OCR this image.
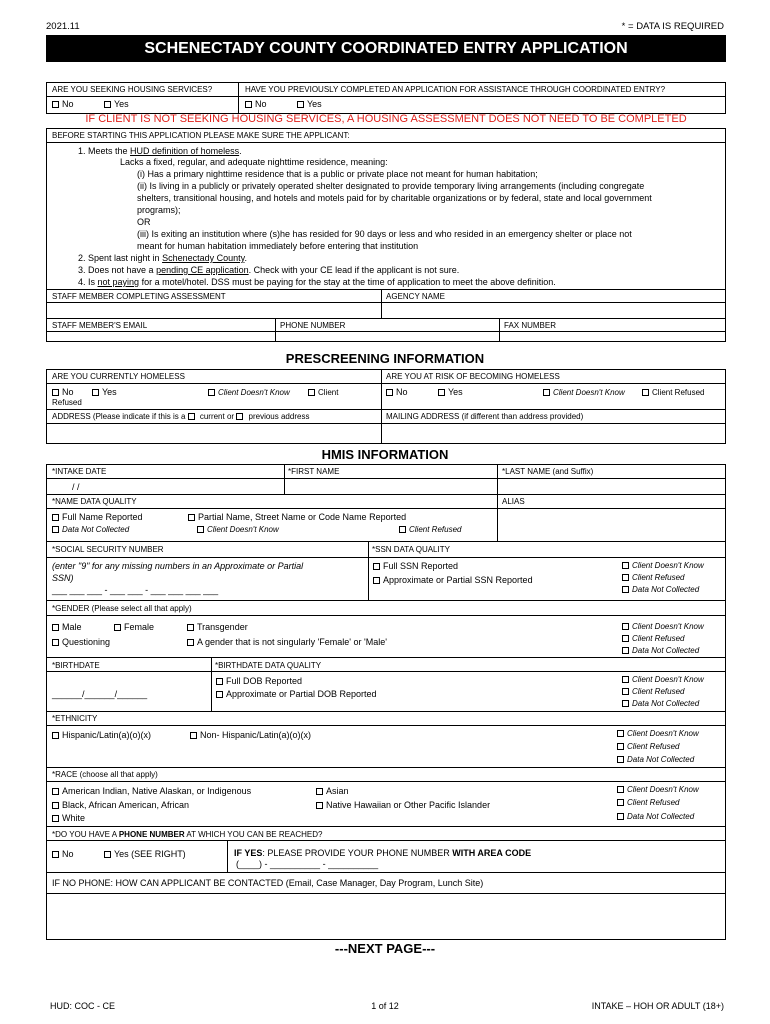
2021.11	* = DATA IS REQUIRED
SCHENECTADY COUNTY COORDINATED ENTRY APPLICATION
ARE YOU SEEKING HOUSING SERVICES?	HAVE YOU PREVIOUSLY COMPLETED AN APPLICATION FOR ASSISTANCE THROUGH COORDINATED ENTRY?
No	Yes	No	Yes
IF CLIENT IS NOT SEEKING HOUSING SERVICES, A HOUSING ASSESSMENT DOES NOT NEED TO BE COMPLETED
BEFORE STARTING THIS APPLICATION PLEASE MAKE SURE THE APPLICANT:
1. Meets the HUD definition of homeless.
Lacks a fixed, regular, and adequate nighttime residence, meaning:
(i) Has a primary nighttime residence that is a public or private place not meant for human habitation;
(ii) Is living in a publicly or privately operated shelter designated to provide temporary living arrangements (including congregate
shelters, transitional housing, and hotels and motels paid for by charitable organizations or by federal, state and local government
programs);
OR
(iii) Is exiting an institution where (s)he has resided for 90 days or less and who resided in an emergency shelter or place not
meant for human habitation immediately before entering that institution
2. Spent last night in Schenectady County.
3. Does not have a pending CE application. Check with your CE lead if the applicant is not sure.
4. Is not paying for a motel/hotel. DSS must be paying for the stay at the time of application to meet the above definition.
STAFF MEMBER COMPLETING ASSESSMENT	AGENCY NAME
STAFF MEMBER'S EMAIL	PHONE NUMBER	FAX NUMBER
PRESCREENING INFORMATION
ARE YOU CURRENTLY HOMELESS	ARE YOU AT RISK OF BECOMING HOMELESS
No	Yes	Client Doesn't Know	Client
Refused
No	Yes	Client Doesn't Know	Client Refused
ADDRESS (Please indicate if this is a  current or  previous address	MAILING ADDRESS (if different than address provided)
HMIS INFORMATION
*INTAKE DATE	*FIRST NAME	*LAST NAME (and Suffix)
/ /
*NAME DATA QUALITY	ALIAS
Full Name Reported	Partial Name, Street Name or Code Name Reported
Data Not Collected	Client Doesn't Know	Client Refused
*SOCIAL SECURITY NUMBER	*SSN DATA QUALITY
(enter "9" for any missing numbers in an Approximate or Partial
SSN)
___ ___ ___ - ___ ___ - ___ ___ ___ ___
Full SSN Reported
Approximate or Partial SSN Reported
Client Doesn't Know
Client Refused
Data Not Collected
*GENDER (Please select all that apply)
Male	Female	Transgender
Questioning	A gender that is not singularly 'Female' or 'Male'
Client Doesn't Know
Client Refused
Data Not Collected
*BIRTHDATE	*BIRTHDATE DATA QUALITY
______/______/______
Full DOB Reported
Approximate or Partial DOB Reported
Client Doesn't Know
Client Refused
Data Not Collected
*ETHNICITY
Hispanic/Latin(a)(o)(x)	Non- Hispanic/Latin(a)(o)(x)	Client Doesn't Know
Client Refused
Data Not Collected
*RACE (choose all that apply)
American Indian, Native Alaskan, or Indigenous
Black, African American, African
White
Asian
Native Hawaiian or Other Pacific Islander
Client Doesn't Know
Client Refused
Data Not Collected
*DO YOU HAVE A PHONE NUMBER AT WHICH YOU CAN BE REACHED?
No	Yes (SEE RIGHT)	IF YES: PLEASE PROVIDE YOUR PHONE NUMBER WITH AREA CODE
(____) - __________ - __________
IF NO PHONE: HOW CAN APPLICANT BE CONTACTED (Email, Case Manager, Day Program, Lunch Site)
---NEXT PAGE---
HUD: COC - CE	1 of 12	INTAKE – HOH OR ADULT (18+)
